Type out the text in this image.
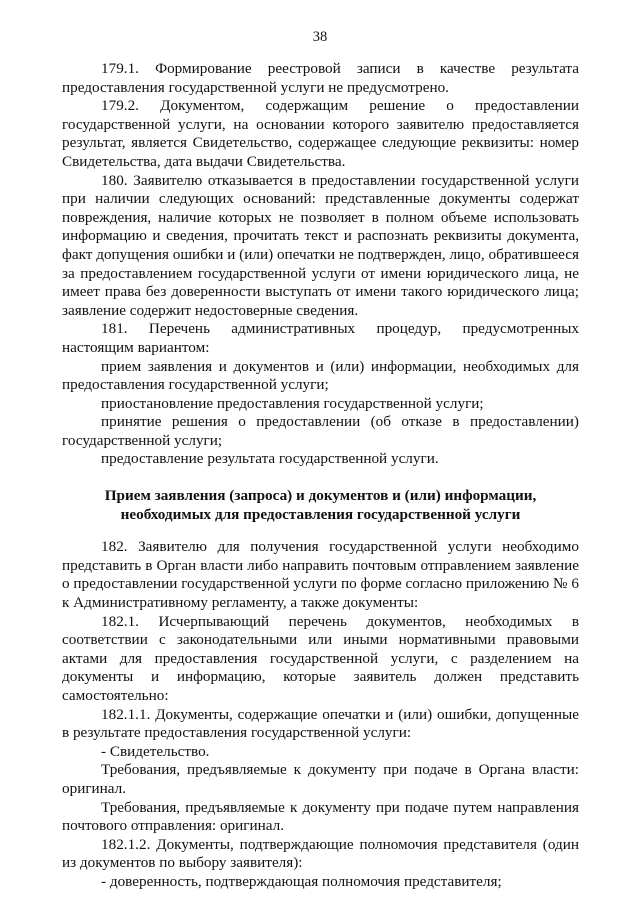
38

179.1. Формирование реестровой записи в качестве результата предоставления государственной услуги не предусмотрено.

179.2. Документом, содержащим решение о предоставлении государственной услуги, на основании которого заявителю предоставляется результат, является Свидетельство, содержащее следующие реквизиты: номер Свидетельства, дата выдачи Свидетельства.

180. Заявителю отказывается в предоставлении государственной услуги при наличии следующих оснований: представленные документы содержат повреждения, наличие которых не позволяет в полном объеме использовать информацию и сведения, прочитать текст и распознать реквизиты документа, факт допущения ошибки и (или) опечатки не подтвержден, лицо, обратившееся за предоставлением государственной услуги от имени юридического лица, не имеет права без доверенности выступать от имени такого юридического лица; заявление содержит недостоверные сведения.

181. Перечень административных процедур, предусмотренных настоящим вариантом:

прием заявления и документов и (или) информации, необходимых для предоставления государственной услуги;

приостановление предоставления государственной услуги;

принятие решения о предоставлении (об отказе в предоставлении) государственной услуги;

предоставление результата государственной услуги.

Прием заявления (запроса) и документов и (или) информации, необходимых для предоставления государственной услуги

182. Заявителю для получения государственной услуги необходимо представить в Орган власти либо направить почтовым отправлением заявление о предоставлении государственной услуги по форме согласно приложению № 6 к Административному регламенту, а также документы:

182.1. Исчерпывающий перечень документов, необходимых в соответствии с законодательными или иными нормативными правовыми актами для предоставления государственной услуги, с разделением на документы и информацию, которые заявитель должен представить самостоятельно:

182.1.1. Документы, содержащие опечатки и (или) ошибки, допущенные в результате предоставления государственной услуги:

- Свидетельство.

Требования, предъявляемые к документу при подаче в Органа власти: оригинал.

Требования, предъявляемые к документу при подаче путем направления почтового отправления: оригинал.

182.1.2. Документы, подтверждающие полномочия представителя (один из документов по выбору заявителя):

- доверенность, подтверждающая полномочия представителя;
